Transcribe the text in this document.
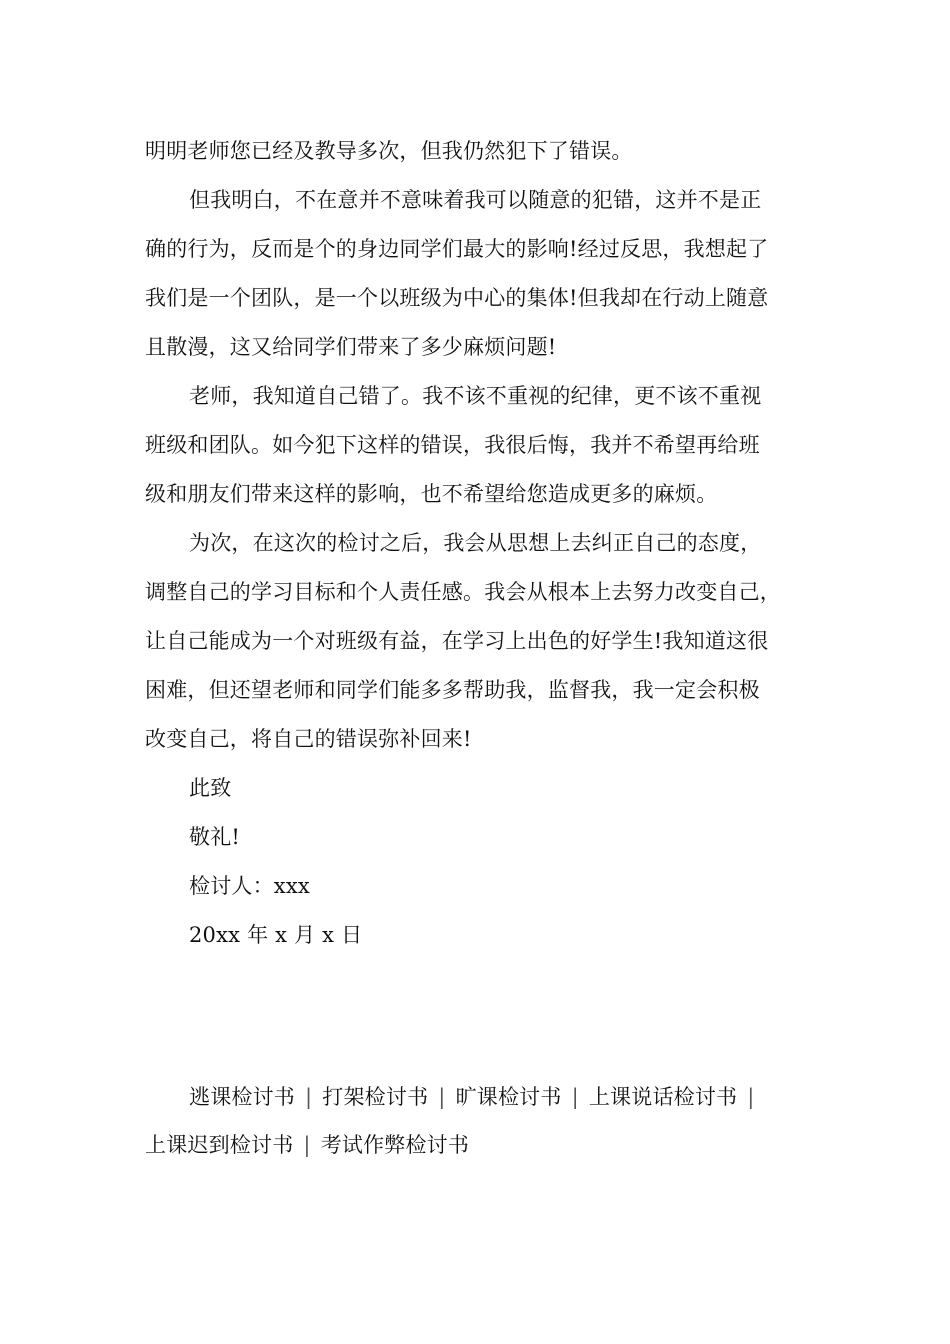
明明老师您已经及教导多次，但我仍然犯下了错误。
但我明白，不在意并不意味着我可以随意的犯错，这并不是正
确的行为，反而是个的身边同学们最大的影响!经过反思，我想起了
我们是一个团队，是一个以班级为中心的集体!但我却在行动上随意
且散漫，这又给同学们带来了多少麻烦问题!
老师，我知道自己错了。我不该不重视的纪律，更不该不重视
班级和团队。如今犯下这样的错误，我很后悔，我并不希望再给班
级和朋友们带来这样的影响，也不希望给您造成更多的麻烦。
为次，在这次的检讨之后，我会从思想上去纠正自己的态度，
调整自己的学习目标和个人责任感。我会从根本上去努力改变自己，
让自己能成为一个对班级有益，在学习上出色的好学生!我知道这很
困难，但还望老师和同学们能多多帮助我，监督我，我一定会积极
改变自己，将自己的错误弥补回来!
此致
敬礼!
检讨人：xxx
20xx 年 x 月 x 日
逃课检讨书 | 打架检讨书 | 旷课检讨书 | 上课说话检讨书 |
上课迟到检讨书 | 考试作弊检讨书
